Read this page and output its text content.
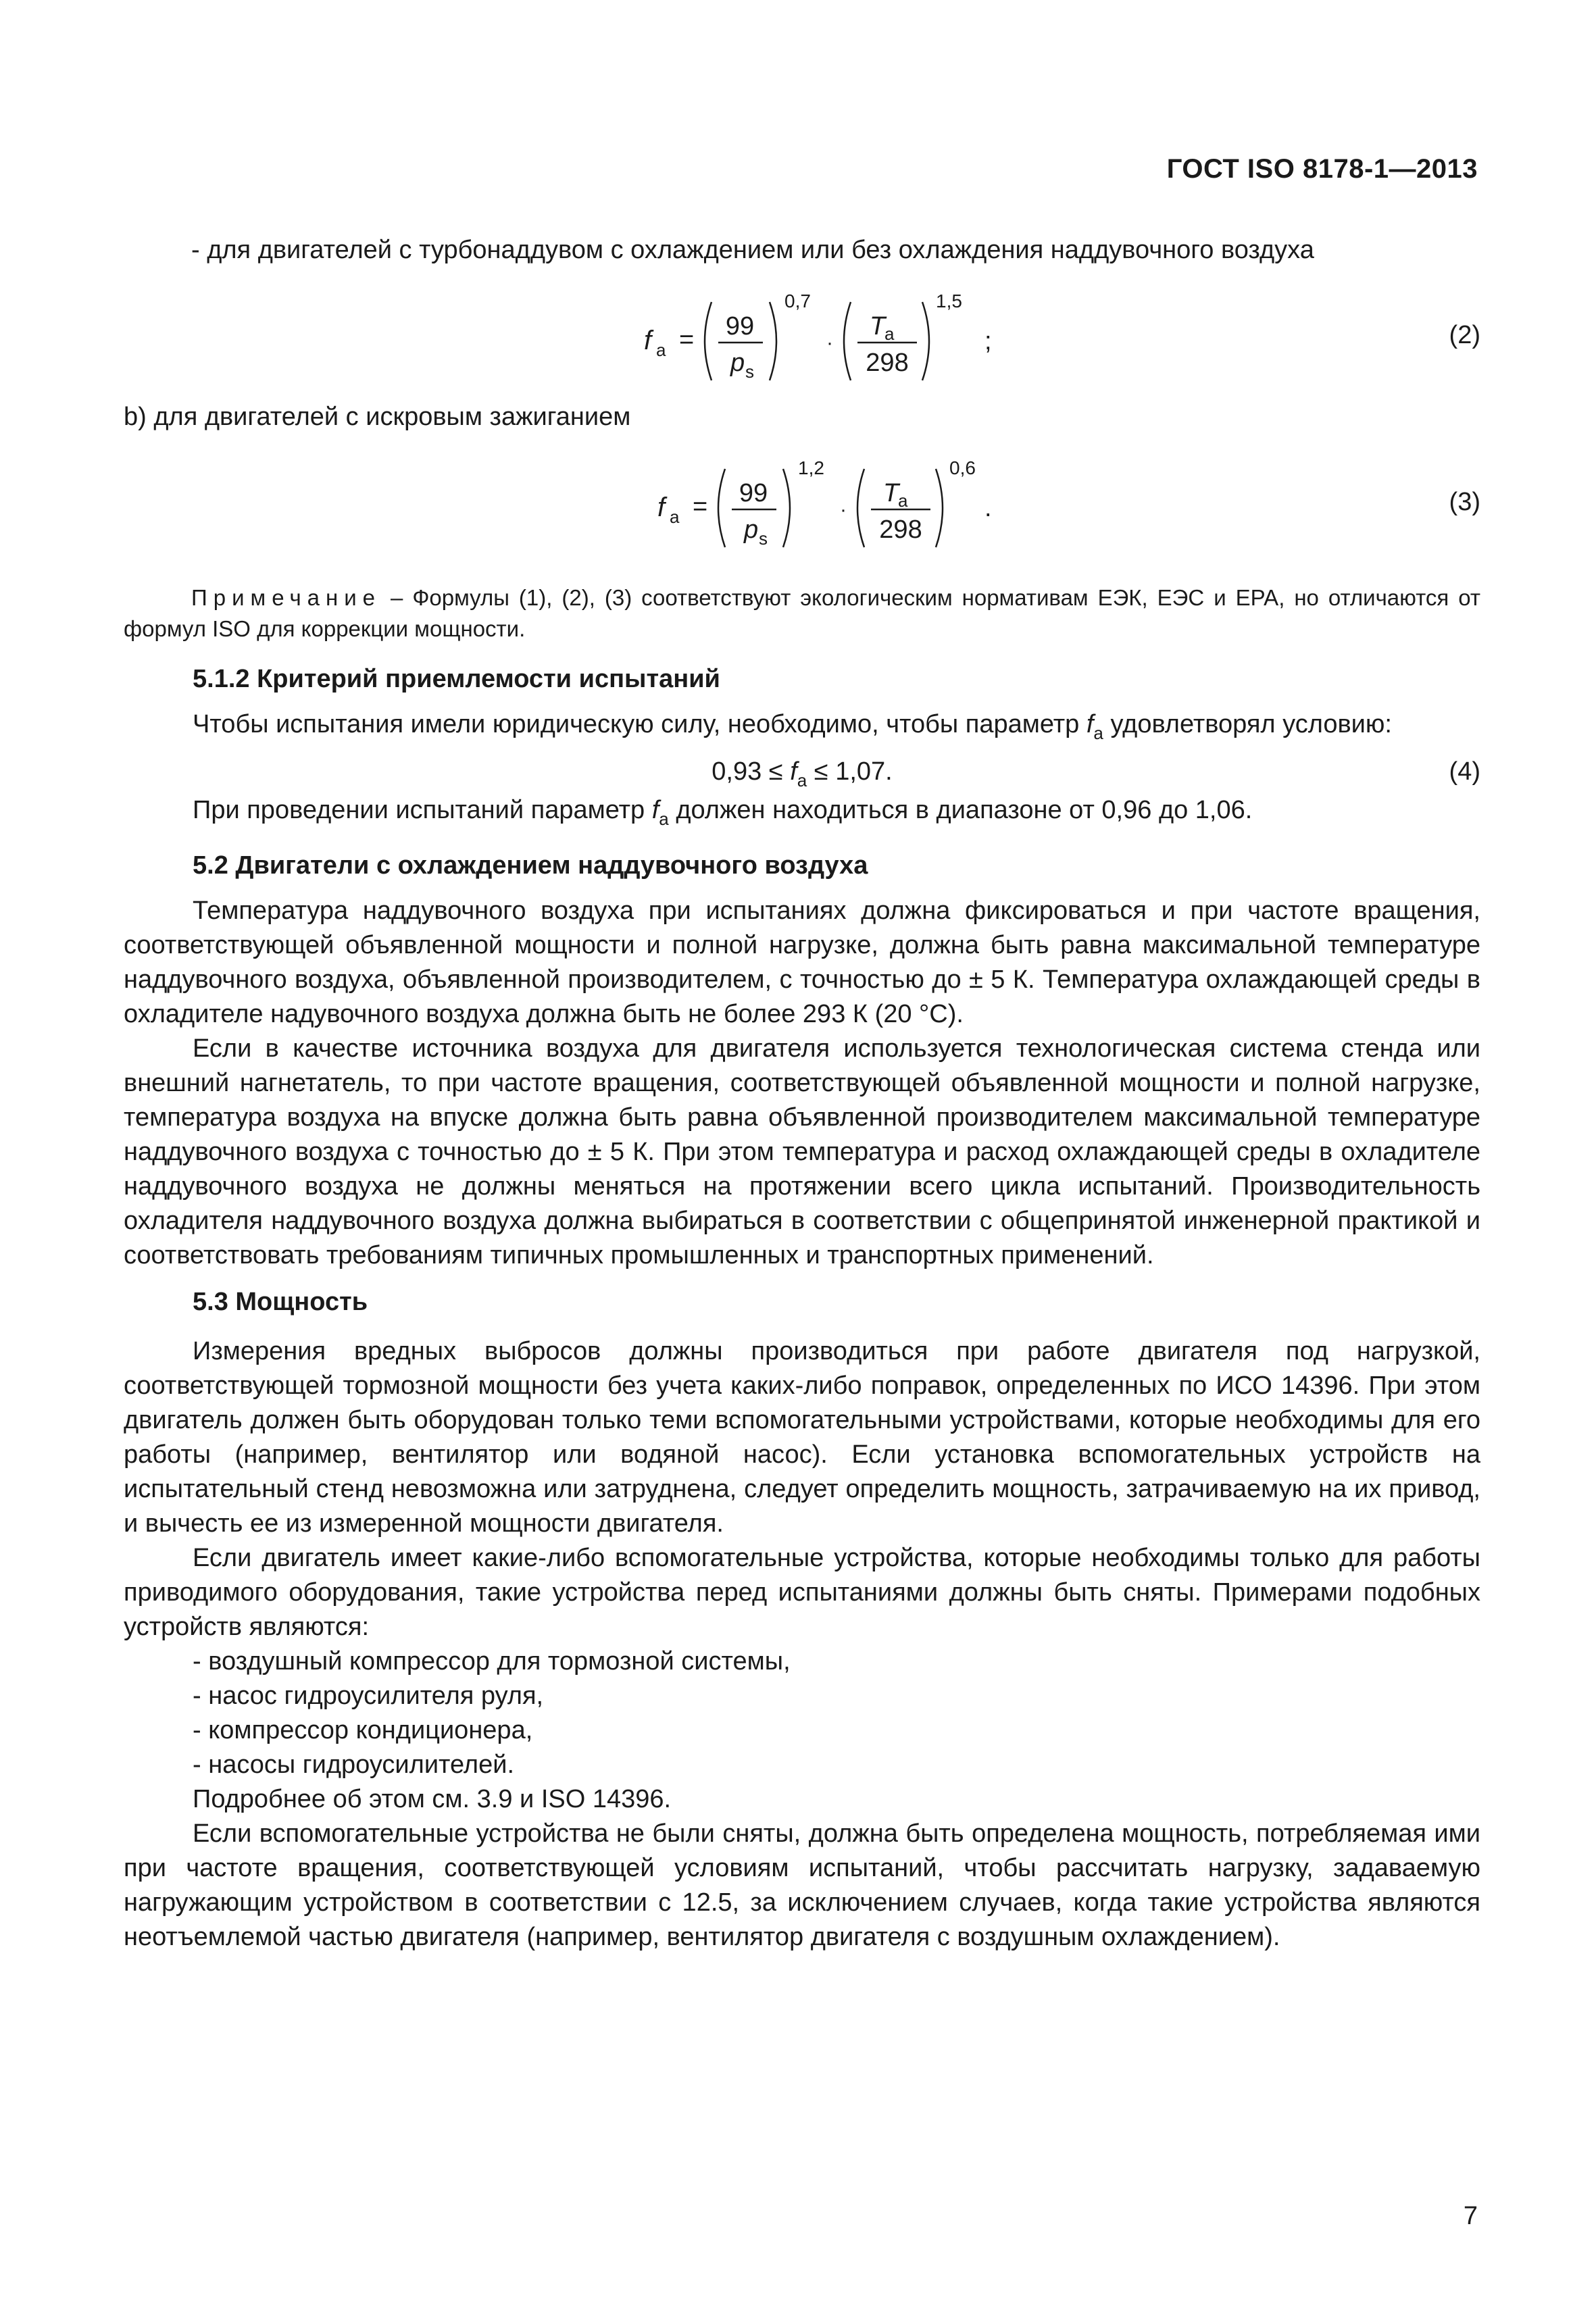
ГОСТ ISO 8178-1—2013

- для двигателей с турбонаддувом с охлаждением или без охлаждения наддувочного воздуха

f a = 99
p s
0,7
·
T
a
298
1,5
;	(2)

b) для двигателей с искровым зажиганием

f a = 99
p s
1,2
·
T
a
298
0,6
.	(3)

Примечание – Формулы (1), (2), (3) соответствуют экологическим нормативам ЕЭК, ЕЭС и EPA, но отличаются от формул ISO для коррекции мощности.

5.1.2 Критерий приемлемости испытаний

Чтобы испытания имели юридическую силу, необходимо, чтобы параметр $f_a$ удовлетворял условию:

$0,93 \le f_a \le 1,07$.	(4)

При проведении испытаний параметр $f_a$ должен находиться в диапазоне от 0,96 до 1,06.

5.2 Двигатели с охлаждением наддувочного воздуха

Температура наддувочного воздуха при испытаниях должна фиксироваться и при частоте вращения, соответствующей объявленной мощности и полной нагрузке, должна быть равна максимальной температуре наддувочного воздуха, объявленной производителем, с точностью до ± 5 К. Температура охлаждающей среды в охладителе надувочного воздуха должна быть не более 293 К (20 °С).

Если в качестве источника воздуха для двигателя используется технологическая система стенда или внешний нагнетатель, то при частоте вращения, соответствующей объявленной мощности и полной нагрузке, температура воздуха на впуске должна быть равна объявленной производителем максимальной температуре наддувочного воздуха с точностью до ± 5 К. При этом температура и расход охлаждающей среды в охладителе наддувочного воздуха не должны меняться на протяжении всего цикла испытаний. Производительность охладителя наддувочного воздуха должна выбираться в соответствии с общепринятой инженерной практикой и соответствовать требованиям типичных промышленных и транспортных применений.

5.3 Мощность

Измерения вредных выбросов должны производиться при работе двигателя под нагрузкой, соответствующей тормозной мощности без учета каких-либо поправок, определенных по ИСО 14396. При этом двигатель должен быть оборудован только теми вспомогательными устройствами, которые необходимы для его работы (например, вентилятор или водяной насос). Если установка вспомогательных устройств на испытательный стенд невозможна или затруднена, следует определить мощность, затрачиваемую на их привод, и вычесть ее из измеренной мощности двигателя.

Если двигатель имеет какие-либо вспомогательные устройства, которые необходимы только для работы приводимого оборудования, такие устройства перед испытаниями должны быть сняты. Примерами подобных устройств являются:

- воздушный компрессор для тормозной системы,

- насос гидроусилителя руля,

- компрессор кондиционера,

- насосы гидроусилителей.

Подробнее об этом см. 3.9 и ISO 14396.

Если вспомогательные устройства не были сняты, должна быть определена мощность, потребляемая ими при частоте вращения, соответствующей условиям испытаний, чтобы рассчитать нагрузку, задаваемую нагружающим устройством в соответствии с 12.5, за исключением случаев, когда такие устройства являются неотъемлемой частью двигателя (например, вентилятор двигателя с воздушным охлаждением).

7
